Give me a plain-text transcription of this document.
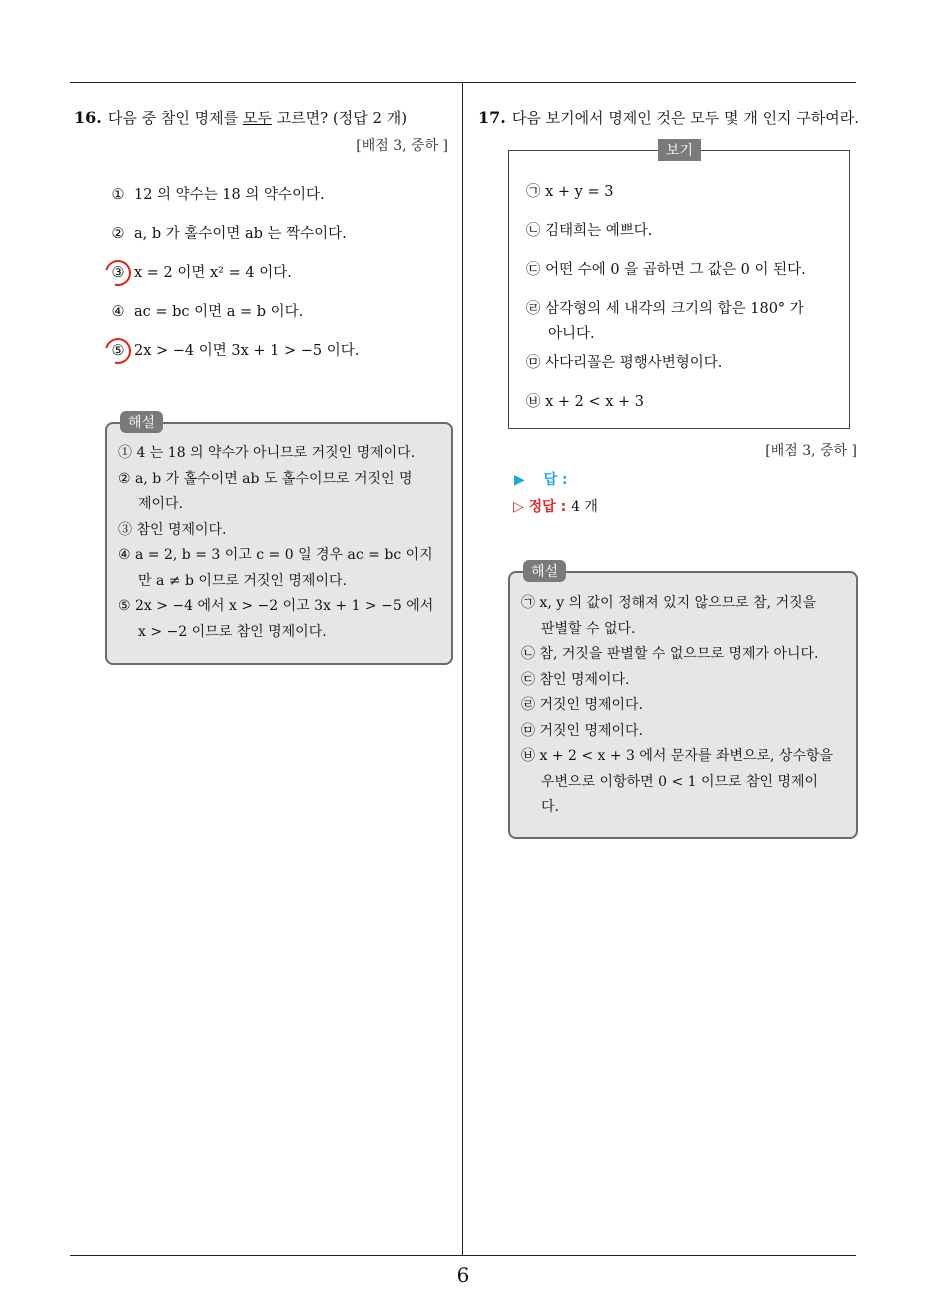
6
16. 다음 중 참인 명제를 모두 고르면? (정답 2 개)
[배점 3, 중하 ]
① 12 의 약수는 18 의 약수이다.
② a, b 가 홀수이면 ab 는 짝수이다.
③ x = 2 이면 x² = 4 이다.
④ ac = bc 이면 a = b 이다.
⑤ 2x > −4 이면 3x + 1 > −5 이다.
해설
① 4 는 18 의 약수가 아니므로 거짓인 명제이다.
② a, b 가 홀수이면 ab 도 홀수이므로 거짓인 명
제이다.
③ 참인 명제이다.
④ a = 2, b = 3 이고 c = 0 일 경우 ac = bc 이지
만 a ≠ b 이므로 거짓인 명제이다.
⑤ 2x > −4 에서 x > −2 이고 3x + 1 > −5 에서
x > −2 이므로 참인 명제이다.
17. 다음 보기에서 명제인 것은 모두 몇 개 인지 구하여라.
보기
㉠ x + y = 3
㉡ 김태희는 예쁘다.
㉢ 어떤 수에 0 을 곱하면 그 값은 0 이 된다.
㉣ 삼각형의 세 내각의 크기의 합은 180° 가
아니다.
㉤ 사다리꼴은 평행사변형이다.
㉥ x + 2 < x + 3
[배점 3, 중하 ]
▶ 답 :
▷ 정답 : 4 개
해설
㉠ x, y 의 값이 정해져 있지 않으므로 참, 거짓을
판별할 수 없다.
㉡ 참, 거짓을 판별할 수 없으므로 명제가 아니다.
㉢ 참인 명제이다.
㉣ 거짓인 명제이다.
㉤ 거짓인 명제이다.
㉥ x + 2 < x + 3 에서 문자를 좌변으로, 상수항을
우변으로 이항하면 0 < 1 이므로 참인 명제이
다.
